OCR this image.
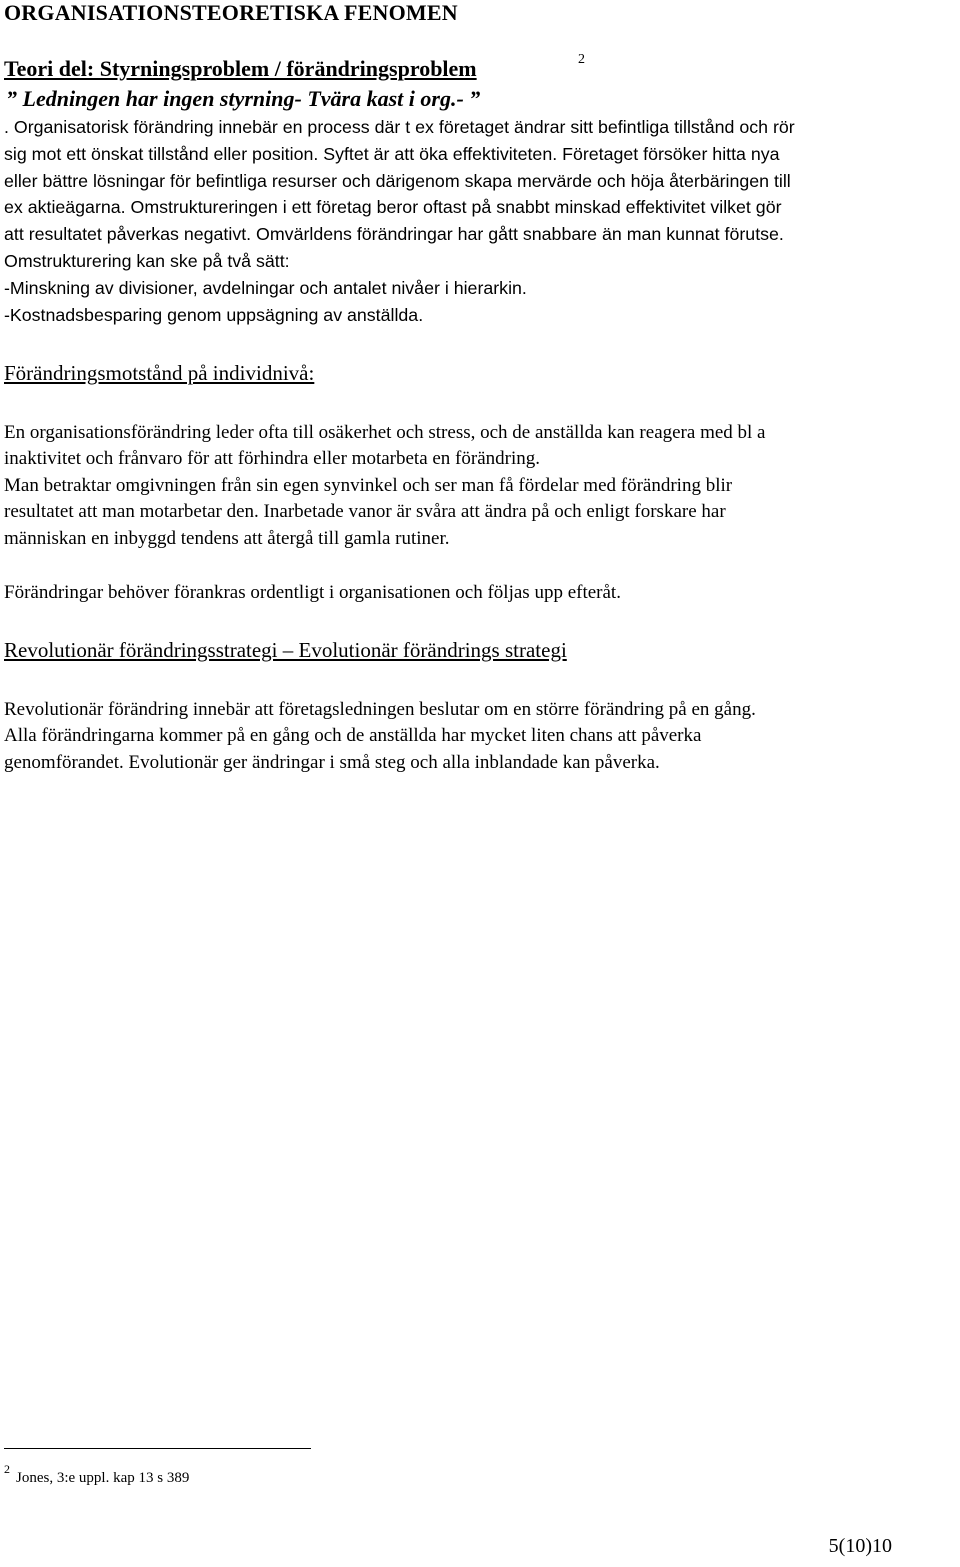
ORGANISATIONSTEORETISKA FENOMEN
Teori del: Styrningsproblem / förändringsproblem	2
” Ledningen har ingen styrning- Tvära kast i org.- ”
. Organisatorisk förändring innebär en process där t ex företaget ändrar sitt befintliga tillstånd och rör
sig mot ett önskat tillstånd eller position. Syftet är att öka effektiviteten. Företaget försöker hitta nya
eller bättre lösningar för befintliga resurser och därigenom skapa mervärde och höja återbäringen till
ex aktieägarna. Omstruktureringen i ett företag beror oftast på snabbt minskad effektivitet vilket gör
att resultatet påverkas negativt. Omvärldens förändringar har gått snabbare än man kunnat förutse.
Omstrukturering kan ske på två sätt:
-Minskning av divisioner, avdelningar och antalet nivåer i hierarkin.
-Kostnadsbesparing genom uppsägning av anställda.
Förändringsmotstånd på individnivå:
En organisationsförändring leder ofta till osäkerhet och stress, och de anställda kan reagera med bl a
inaktivitet och frånvaro för att förhindra eller motarbeta en förändring.
Man betraktar omgivningen från sin egen synvinkel och ser man få fördelar med förändring blir
resultatet att man motarbetar den. Inarbetade vanor är svåra att ändra på och enligt forskare har
människan en inbyggd tendens att återgå till gamla rutiner.
Förändringar behöver förankras ordentligt i organisationen och följas upp efteråt.
Revolutionär förändringsstrategi – Evolutionär förändrings strategi
Revolutionär förändring innebär att företagsledningen beslutar om en större förändring på en gång.
Alla förändringarna kommer på en gång och de anställda har mycket liten chans att påverka
genomförandet. Evolutionär ger ändringar i små steg och alla inblandade kan påverka.
2
Jones, 3:e uppl. kap 13 s 389
5(10)10
